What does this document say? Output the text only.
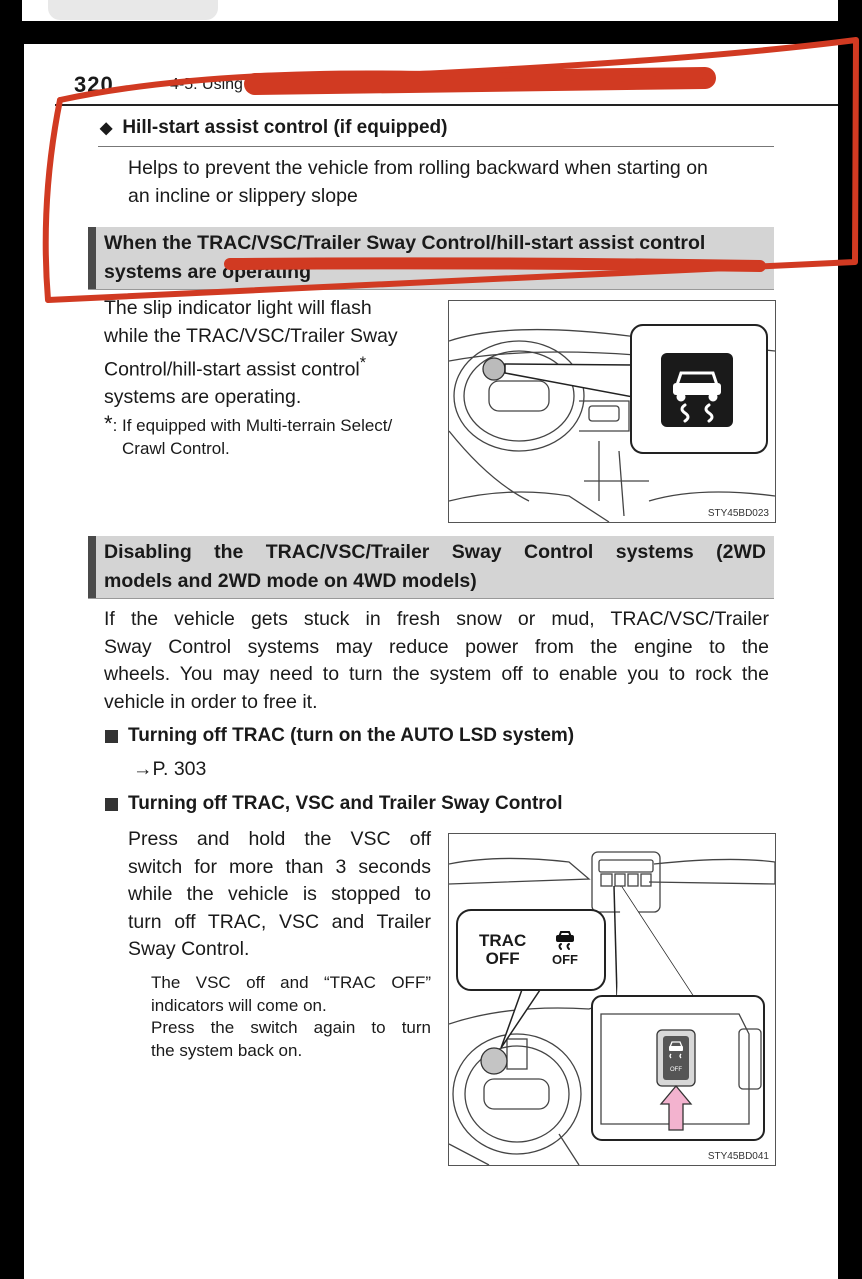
320	4-5. Using the driving support systems
◆ Hill-start assist control (if equipped)
Helps to prevent the vehicle from rolling backward when starting on
an incline or slippery slope
When the TRAC/VSC/Trailer Sway Control/hill-start assist control
systems are operating
The slip indicator light will flash
while the TRAC/VSC/Trailer Sway
Control/hill-start assist control*
systems are operating.
*: If equipped with Multi-terrain Select/
Crawl Control.
STY45BD023
Disabling the TRAC/VSC/Trailer Sway Control systems (2WD
models and 2WD mode on 4WD models)
If the vehicle gets stuck in fresh snow or mud, TRAC/VSC/Trailer
Sway Control systems may reduce power from the engine to the
wheels. You may need to turn the system off to enable you to rock the
vehicle in order to free it.
Turning off TRAC (turn on the AUTO LSD system)
→P. 303
Turning off TRAC, VSC and Trailer Sway Control
Press and hold the VSC off
switch for more than 3 seconds
while the vehicle is stopped to
turn off TRAC, VSC and Trailer
Sway Control.
The VSC off and “TRAC OFF”
indicators will come on.
Press the switch again to turn
the system back on.
OFF
TRAC
OFF	OFF
STY45BD041
